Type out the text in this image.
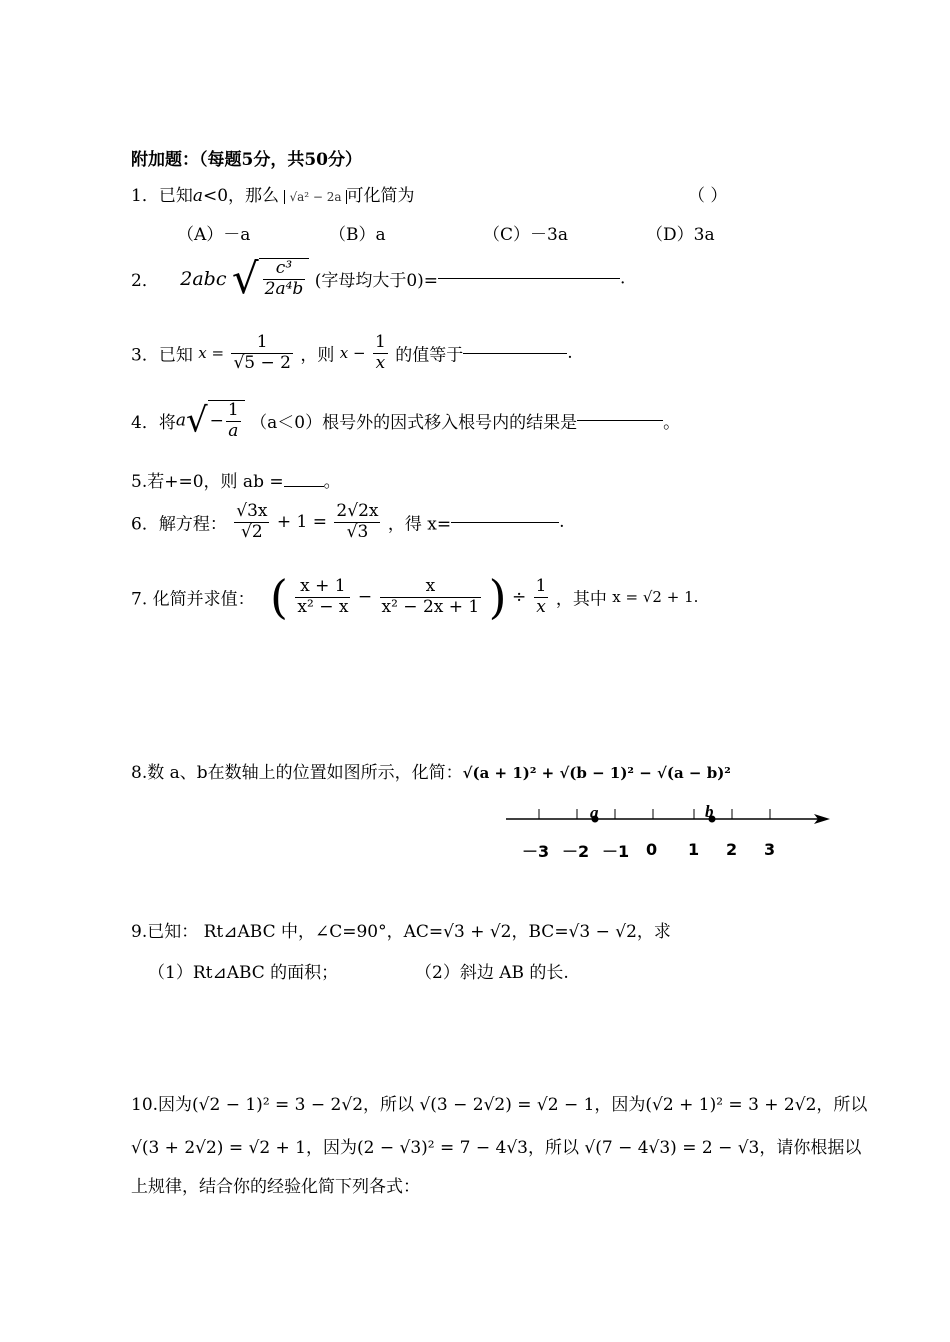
附加题：（每题5分，共50分）
1．已知a<0，那么 √a² − 2a 可化简为	（ ）
（A）－a	（B）a	（C）－3a	（D）3a
2． 2abc √ $\frac{\text{c³}}{\text{2a⁴b}}$ (字母均大于0)=	.
3．已知 $x = \frac{1}{√5 - 2}$ ，则 $x - \frac{1}{x}$ 的值等于	.
4．将$a√ - \frac{1}{a} (a<0)$根号外的因式移入根号内的结果是	。
5.若+=0，则 ab = 。
6．解方程： $\frac{√3x}{√2} + 1 = \frac{2√2x}{√3}$ ，得 x=	.
7. 化简并求值： ( $\frac{x + 1}{\text{x² − x}} - \frac{x}{\text{x² − 2x + 1}}$ ) ÷ $\frac{1}{x}$ ，其中 x = √2 + 1.
8.数 a、b在数轴上的位置如图所示，化简：√(a + 1)² + √(b − 1)² − √(a − b)²
a	b
－3 －2 －1 0 1 2 3
9.已知： Rt⊿ABC 中，∠C=90°，AC=√3 + √2，BC=√3 − √2，求
（1）Rt⊿ABC 的面积；	（2）斜边 AB 的长.
10.因为(√2 − 1)² = 3 − 2√2，所以 √(3 − 2√2) = √2 − 1，因为(√2 + 1)² = 3 + 2√2，所以
√(3 + 2√2) = √2 + 1，因为(2 − √3)² = 7 − 4√3，所以 √(7 − 4√3) = 2 − √3，请你根据以
上规律，结合你的经验化简下列各式：
